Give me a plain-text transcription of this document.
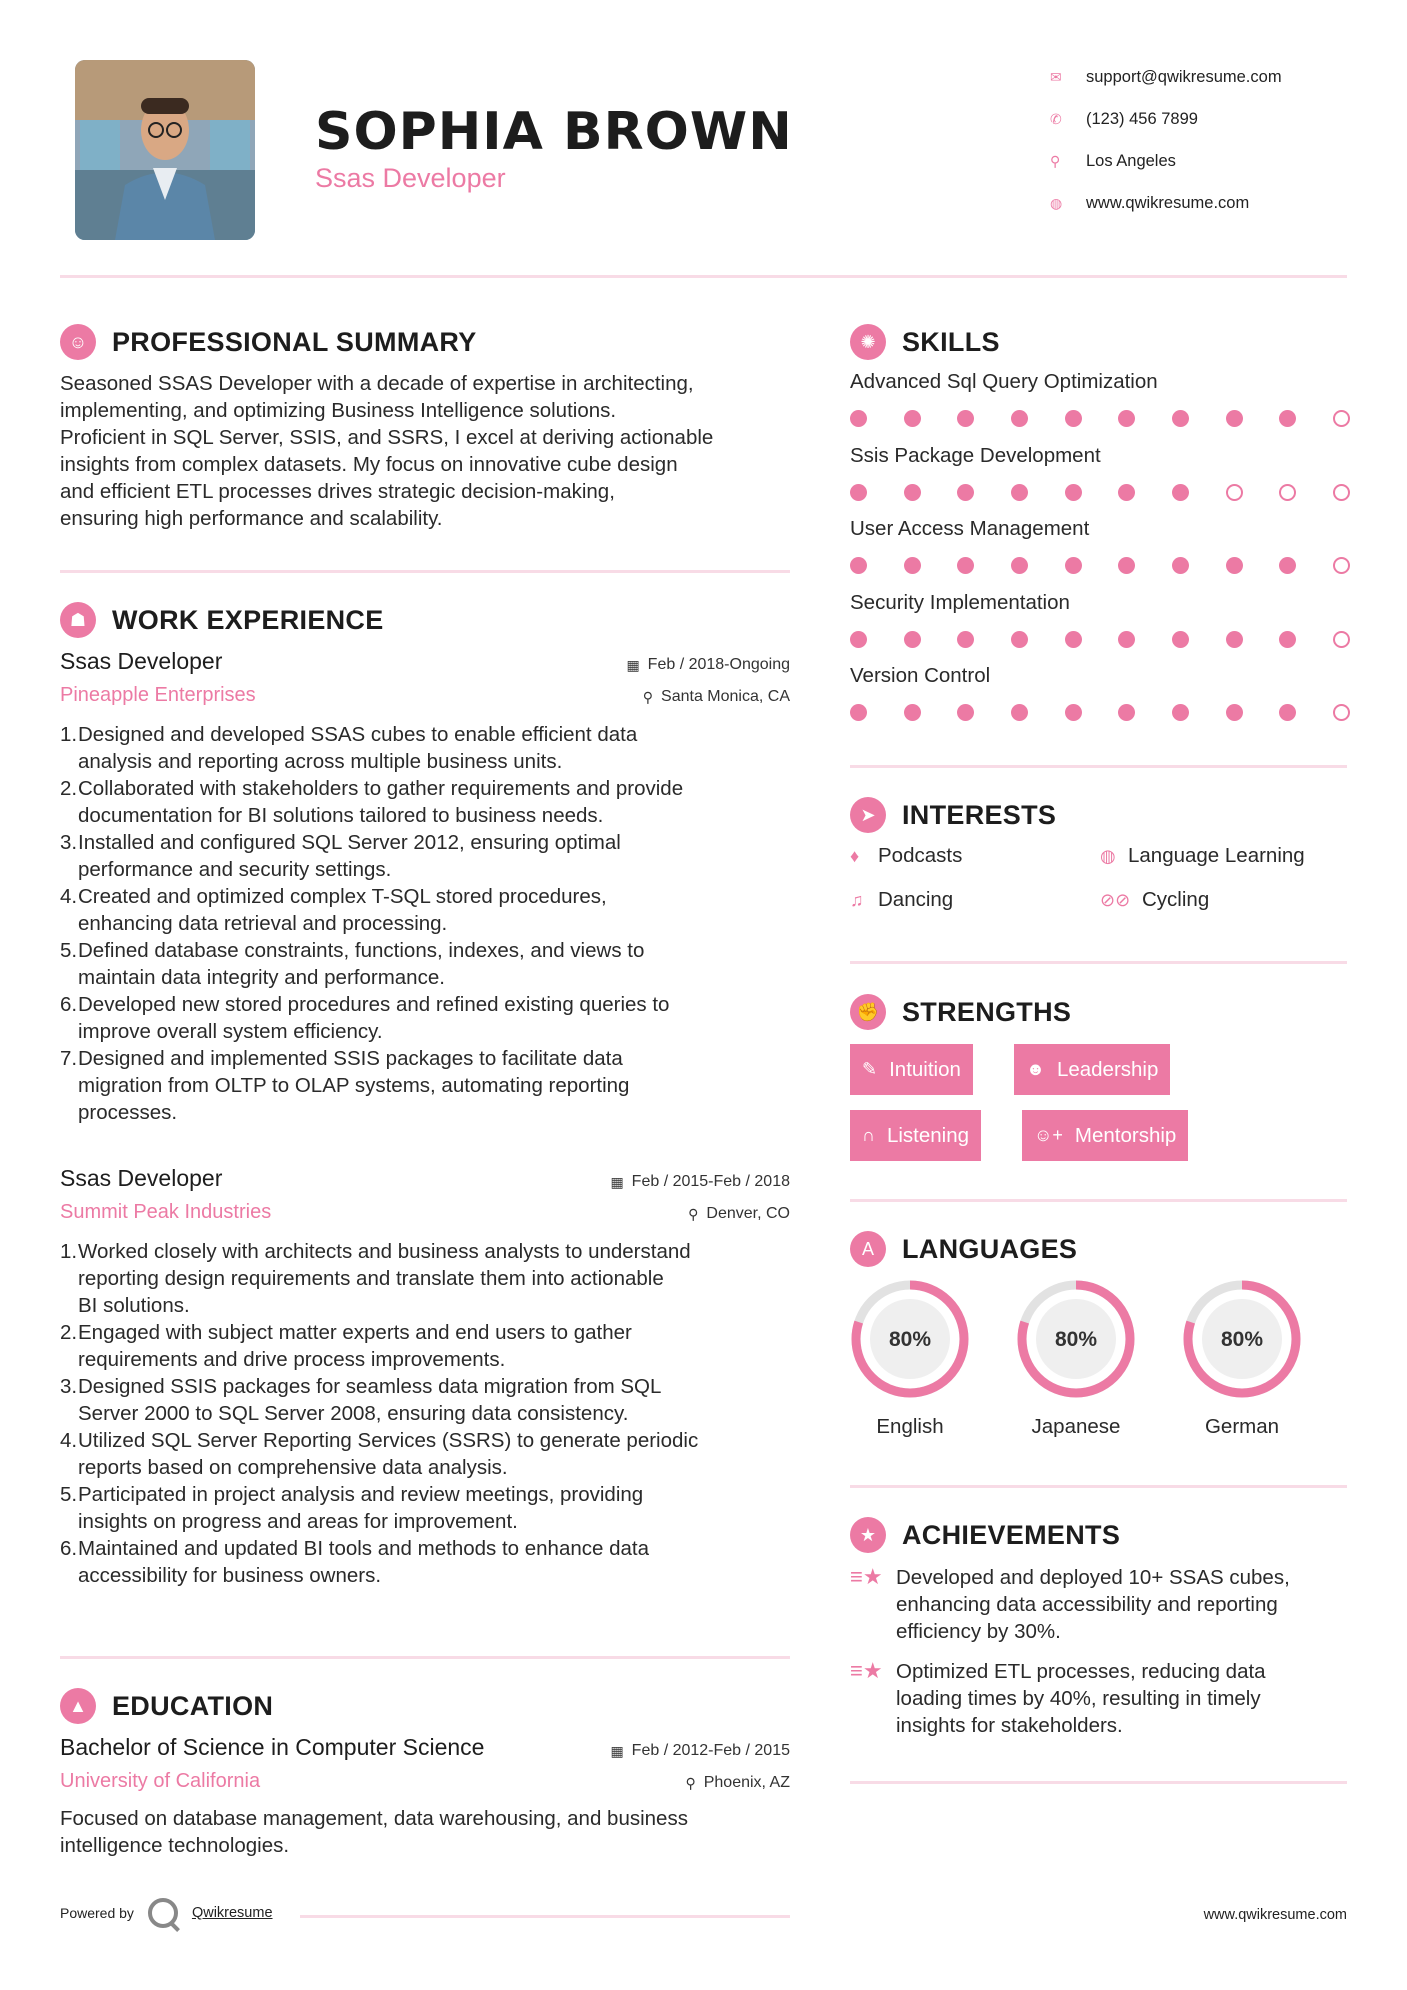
SOPHIA BROWN
Ssas Developer
✉	support@qwikresume.com
✆	(123) 456 7899
⚲	Los Angeles
◍	www.qwikresume.com
☺ PROFESSIONAL SUMMARY
Seasoned SSAS Developer with a decade of expertise in architecting,
implementing, and optimizing Business Intelligence solutions.
Proficient in SQL Server, SSIS, and SSRS, I excel at deriving actionable
insights from complex datasets. My focus on innovative cube design
and efficient ETL processes drives strategic decision-making,
ensuring high performance and scalability.
☗ WORK EXPERIENCE
Ssas Developer
Pineapple Enterprises
▦ Feb / 2018-Ongoing
⚲ Santa Monica, CA
1.Designed and developed SSAS cubes to enable efficient data
analysis and reporting across multiple business units.
2.Collaborated with stakeholders to gather requirements and provide
documentation for BI solutions tailored to business needs.
3.Installed and configured SQL Server 2012, ensuring optimal
performance and security settings.
4.Created and optimized complex T-SQL stored procedures,
enhancing data retrieval and processing.
5.Defined database constraints, functions, indexes, and views to
maintain data integrity and performance.
6.Developed new stored procedures and refined existing queries to
improve overall system efficiency.
7.Designed and implemented SSIS packages to facilitate data
migration from OLTP to OLAP systems, automating reporting
processes.
Ssas Developer
Summit Peak Industries
▦ Feb / 2015-Feb / 2018
⚲ Denver, CO
1.Worked closely with architects and business analysts to understand
reporting design requirements and translate them into actionable
BI solutions.
2.Engaged with subject matter experts and end users to gather
requirements and drive process improvements.
3.Designed SSIS packages for seamless data migration from SQL
Server 2000 to SQL Server 2008, ensuring data consistency.
4.Utilized SQL Server Reporting Services (SSRS) to generate periodic
reports based on comprehensive data analysis.
5.Participated in project analysis and review meetings, providing
insights on progress and areas for improvement.
6.Maintained and updated BI tools and methods to enhance data
accessibility for business owners.
▲ EDUCATION
Bachelor of Science in Computer Science
University of California
▦ Feb / 2012-Feb / 2015
⚲ Phoenix, AZ
Focused on database management, data warehousing, and business
intelligence technologies.
✺ SKILLS
Advanced Sql Query Optimization
Ssis Package Development
User Access Management
Security Implementation
Version Control
➤ INTERESTS
♦ Podcasts	◍ Language Learning
♫ Dancing	⊘⊘ Cycling
✊ STRENGTHS
✎ Intuition	☻ Leadership
∩ Listening	☺+ Mentorship
A	LANGUAGES
80%
English
80%
Japanese
80%
German
★ ACHIEVEMENTS
≡★ Developed and deployed 10+ SSAS cubes,
enhancing data accessibility and reporting
efficiency by 30%.
≡★ Optimized ETL processes, reducing data
loading times by 40%, resulting in timely
insights for stakeholders.
Powered by	Qwikresume	www.qwikresume.com
